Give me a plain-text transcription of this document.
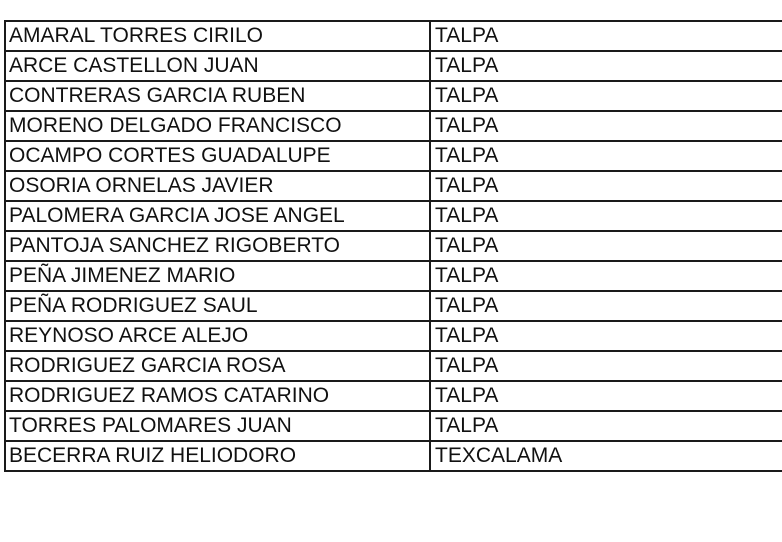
AMARAL TORRES CIRILO	TALPA
ARCE CASTELLON JUAN	TALPA
CONTRERAS GARCIA RUBEN	TALPA
MORENO DELGADO FRANCISCO	TALPA
OCAMPO CORTES GUADALUPE	TALPA
OSORIA ORNELAS JAVIER	TALPA
PALOMERA GARCIA JOSE ANGEL	TALPA
PANTOJA SANCHEZ RIGOBERTO	TALPA
PEÑA JIMENEZ MARIO	TALPA
PEÑA RODRIGUEZ SAUL	TALPA
REYNOSO ARCE ALEJO	TALPA
RODRIGUEZ GARCIA ROSA	TALPA
RODRIGUEZ RAMOS CATARINO	TALPA
TORRES PALOMARES JUAN	TALPA
BECERRA RUIZ HELIODORO	TEXCALAMA
